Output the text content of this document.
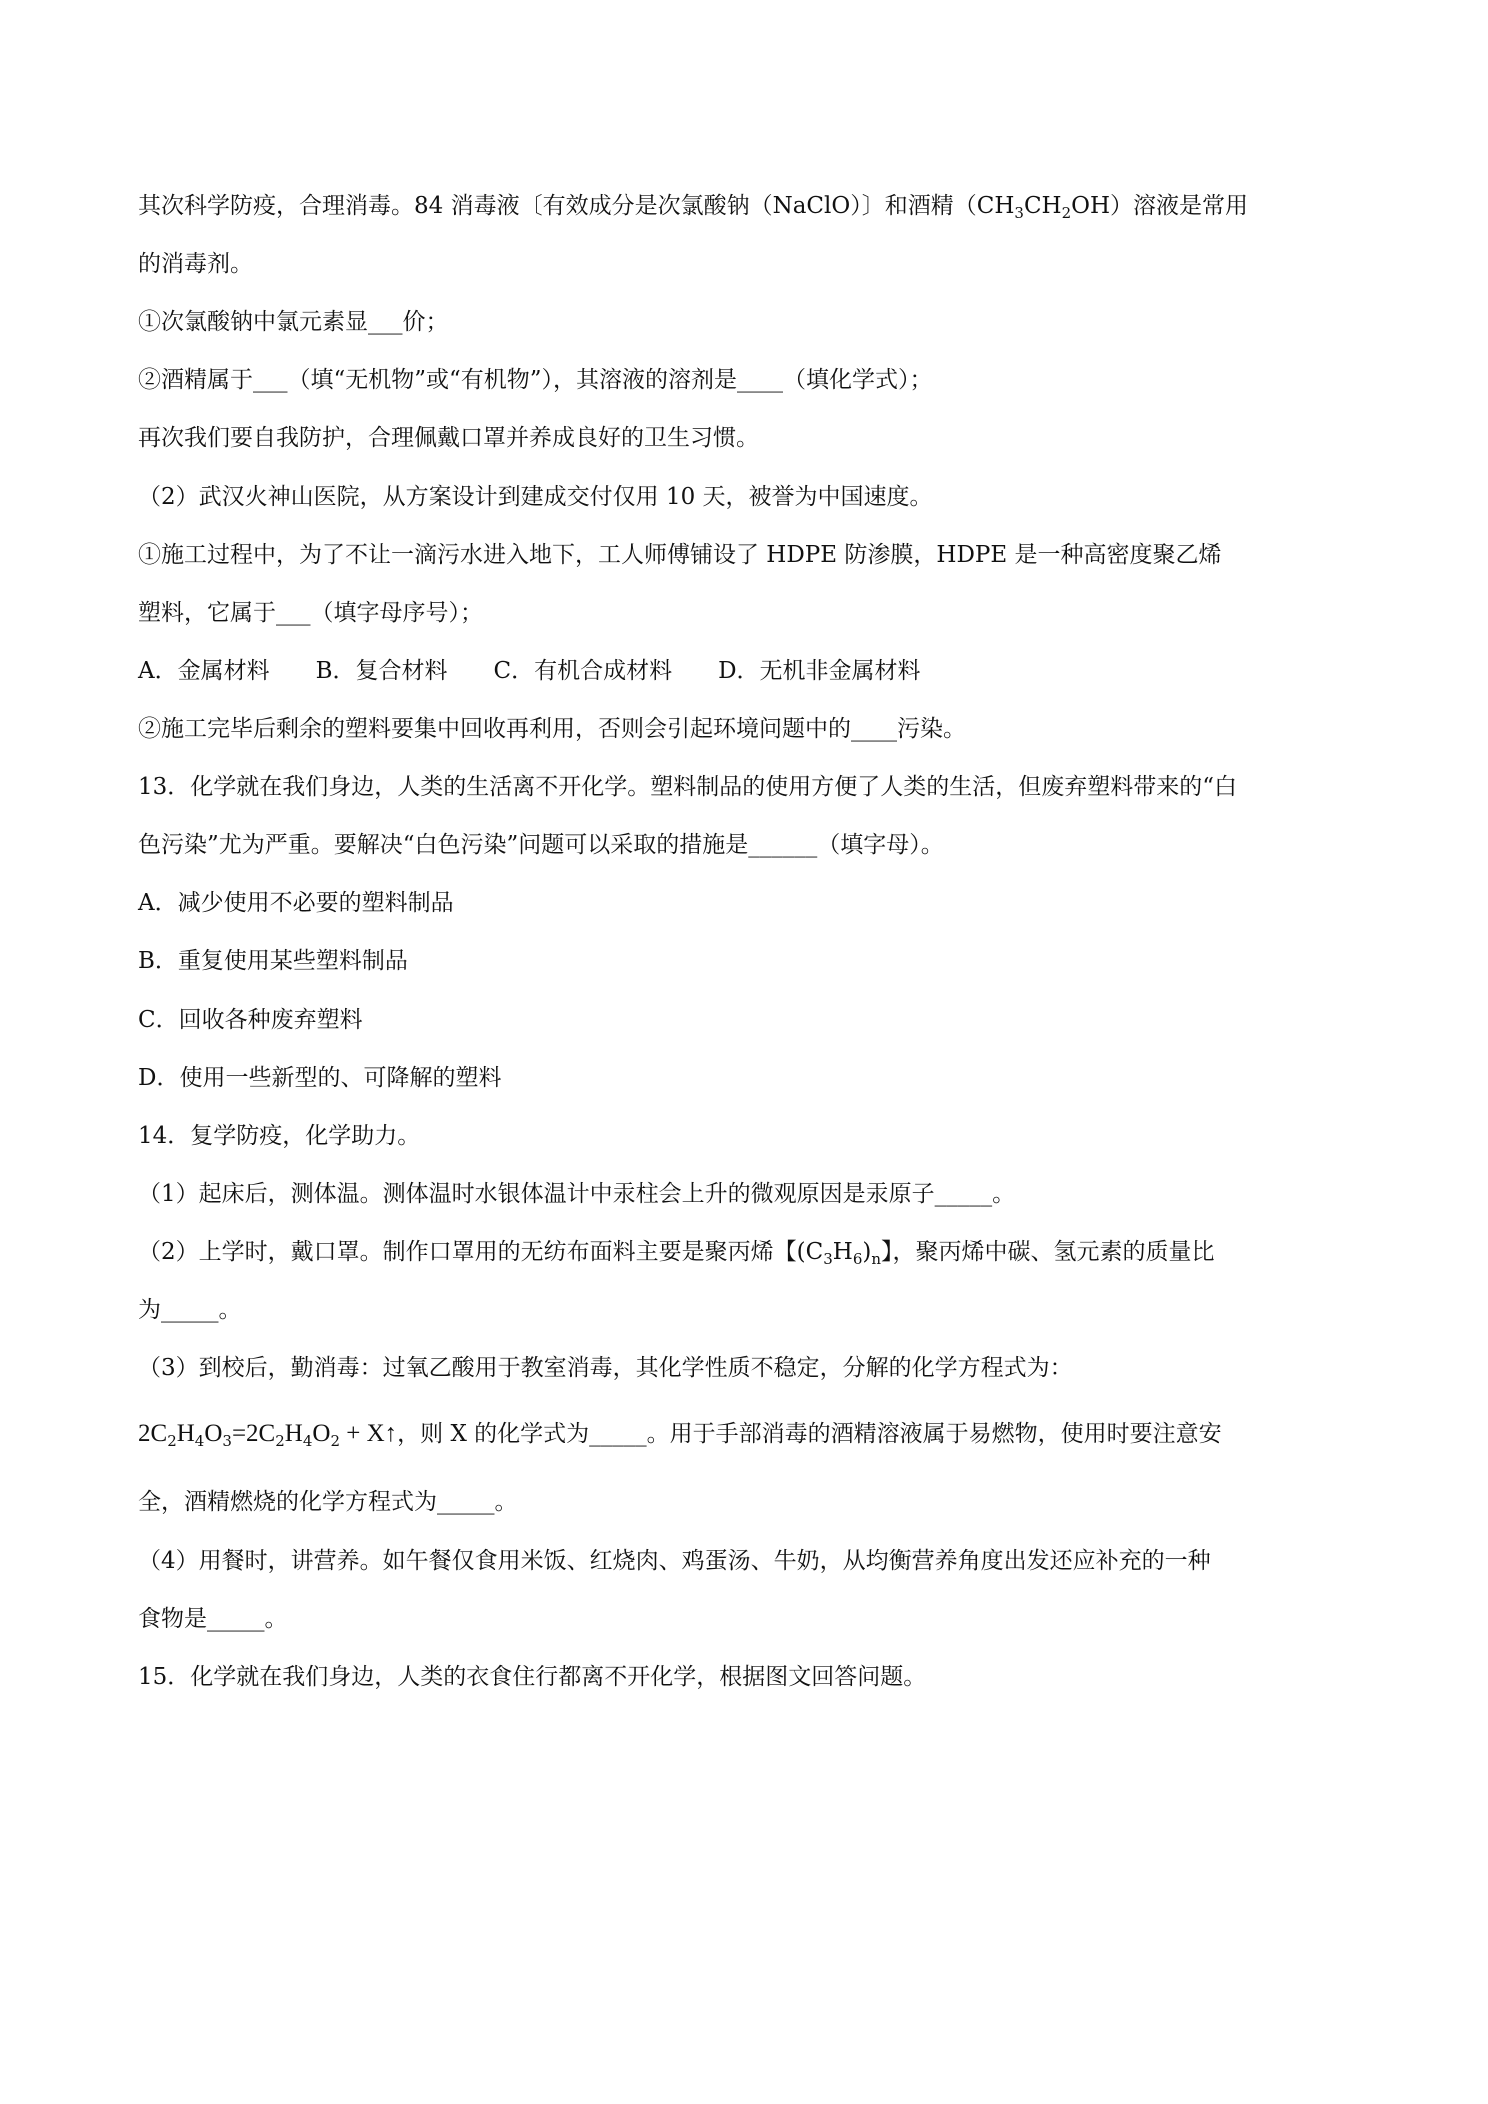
其次科学防疫，合理消毒。84 消毒液〔有效成分是次氯酸钠（NaClO）〕和酒精$(CH_3CH_2OH)$溶液是常用
的消毒剂。
①次氯酸钠中氯元素显___价；
②酒精属于___（填“无机物”或“有机物”），其溶液的溶剂是____（填化学式）；
再次我们要自我防护，合理佩戴口罩并养成良好的卫生习惯。
（2）武汉火神山医院，从方案设计到建成交付仅用 10 天，被誉为中国速度。
①施工过程中，为了不让一滴污水进入地下，工人师傅铺设了 HDPE 防渗膜，HDPE 是一种高密度聚乙烯
塑料，它属于___（填字母序号）；
A．金属材料　　B．复合材料　　C．有机合成材料　　D．无机非金属材料
②施工完毕后剩余的塑料要集中回收再利用，否则会引起环境问题中的____污染。
13．化学就在我们身边，人类的生活离不开化学。塑料制品的使用方便了人类的生活，但废弃塑料带来的“白
色污染”尤为严重。要解决“白色污染”问题可以采取的措施是______（填字母）。
A．减少使用不必要的塑料制品
B．重复使用某些塑料制品
C．回收各种废弃塑料
D．使用一些新型的、可降解的塑料
14．复学防疫，化学助力。
（1）起床后，测体温。测体温时水银体温计中汞柱会上升的微观原因是汞原子_____。
（2）上学时，戴口罩。制作口罩用的无纺布面料主要是聚丙烯【$(C_3H_6)_n$】，聚丙烯中碳、氢元素的质量比
为_____。
（3）到校后，勤消毒：过氧乙酸用于教室消毒，其化学性质不稳定，分解的化学方程式为：
$2C_2H_4O_3=2C_2H_4O_2$ + X↑，则 X 的化学式为_____。用于手部消毒的酒精溶液属于易燃物，使用时要注意安
全，酒精燃烧的化学方程式为_____。
（4）用餐时，讲营养。如午餐仅食用米饭、红烧肉、鸡蛋汤、牛奶，从均衡营养角度出发还应补充的一种
食物是_____。
15．化学就在我们身边，人类的衣食住行都离不开化学，根据图文回答问题。
